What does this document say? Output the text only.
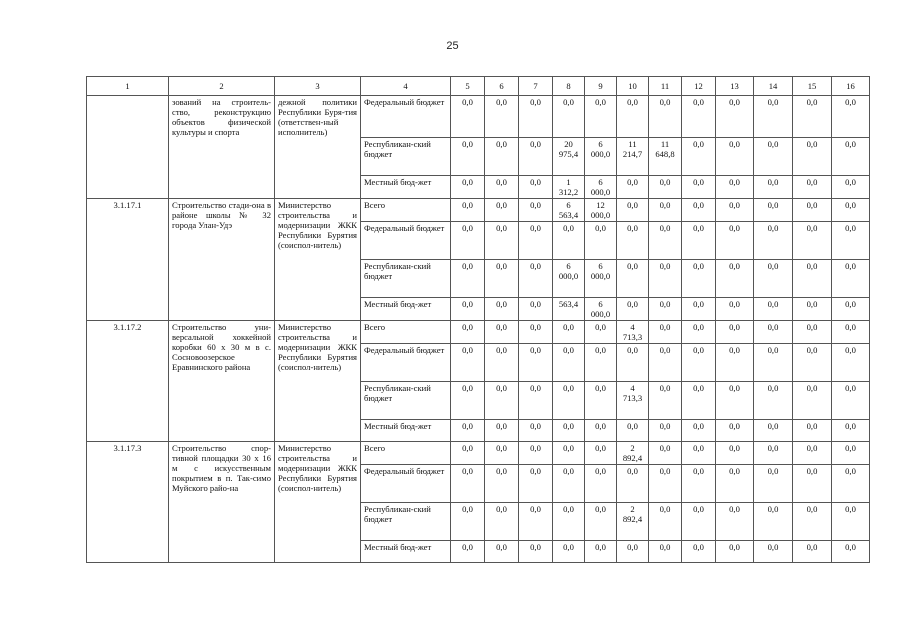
25
1	2	3	4	5	6	7	8	9	10	11	12	13	14	15	16
	зований на строитель-ство, реконструкцию объектов физической культуры и спорта	дежной политики Республики Буря-тия (ответствен-ный исполнитель)	Федеральный бюджет	0,0	0,0	0,0	0,0	0,0	0,0	0,0	0,0	0,0	0,0	0,0	0,0
			Республикан-ский бюджет	0,0	0,0	0,0	20 975,4	6 000,0	11 214,7	11 648,8	0,0	0,0	0,0	0,0	0,0
			Местный бюд-жет	0,0	0,0	0,0	1 312,2	6 000,0	0,0	0,0	0,0	0,0	0,0	0,0	0,0
3.1.17.1	Строительство стади-она в районе школы № 32 города Улан-Удэ	Министерство строительства и модернизации ЖКК Республики Бурятия (соиспол-нитель)	Всего	0,0	0,0	0,0	6 563,4	12 000,0	0,0	0,0	0,0	0,0	0,0	0,0	0,0
			Федеральный бюджет	0,0	0,0	0,0	0,0	0,0	0,0	0,0	0,0	0,0	0,0	0,0	0,0
			Республикан-ский бюджет	0,0	0,0	0,0	6 000,0	6 000,0	0,0	0,0	0,0	0,0	0,0	0,0	0,0
			Местный бюд-жет	0,0	0,0	0,0	563,4	6 000,0	0,0	0,0	0,0	0,0	0,0	0,0	0,0
3.1.17.2	Строительство уни-версальной хоккейной коробки 60 х 30 м в с. Сосновоозерское Еравнинского района	Министерство строительства и модернизации ЖКК Республики Бурятия (соиспол-нитель)	Всего	0,0	0,0	0,0	0,0	0,0	4 713,3	0,0	0,0	0,0	0,0	0,0	0,0
			Федеральный бюджет	0,0	0,0	0,0	0,0	0,0	0,0	0,0	0,0	0,0	0,0	0,0	0,0
			Республикан-ский бюджет	0,0	0,0	0,0	0,0	0,0	4 713,3	0,0	0,0	0,0	0,0	0,0	0,0
			Местный бюд-жет	0,0	0,0	0,0	0,0	0,0	0,0	0,0	0,0	0,0	0,0	0,0	0,0
3.1.17.3	Строительство спор-тивной площадки 30 х 16 м с искусственным покрытием в п. Так-симо Муйского райо-на	Министерство строительства и модернизации ЖКК Республики Бурятия (соиспол-нитель)	Всего	0,0	0,0	0,0	0,0	0,0	2 892,4	0,0	0,0	0,0	0,0	0,0	0,0
			Федеральный бюджет	0,0	0,0	0,0	0,0	0,0	0,0	0,0	0,0	0,0	0,0	0,0	0,0
			Республикан-ский бюджет	0,0	0,0	0,0	0,0	0,0	2 892,4	0,0	0,0	0,0	0,0	0,0	0,0
			Местный бюд-жет	0,0	0,0	0,0	0,0	0,0	0,0	0,0	0,0	0,0	0,0	0,0	0,0
